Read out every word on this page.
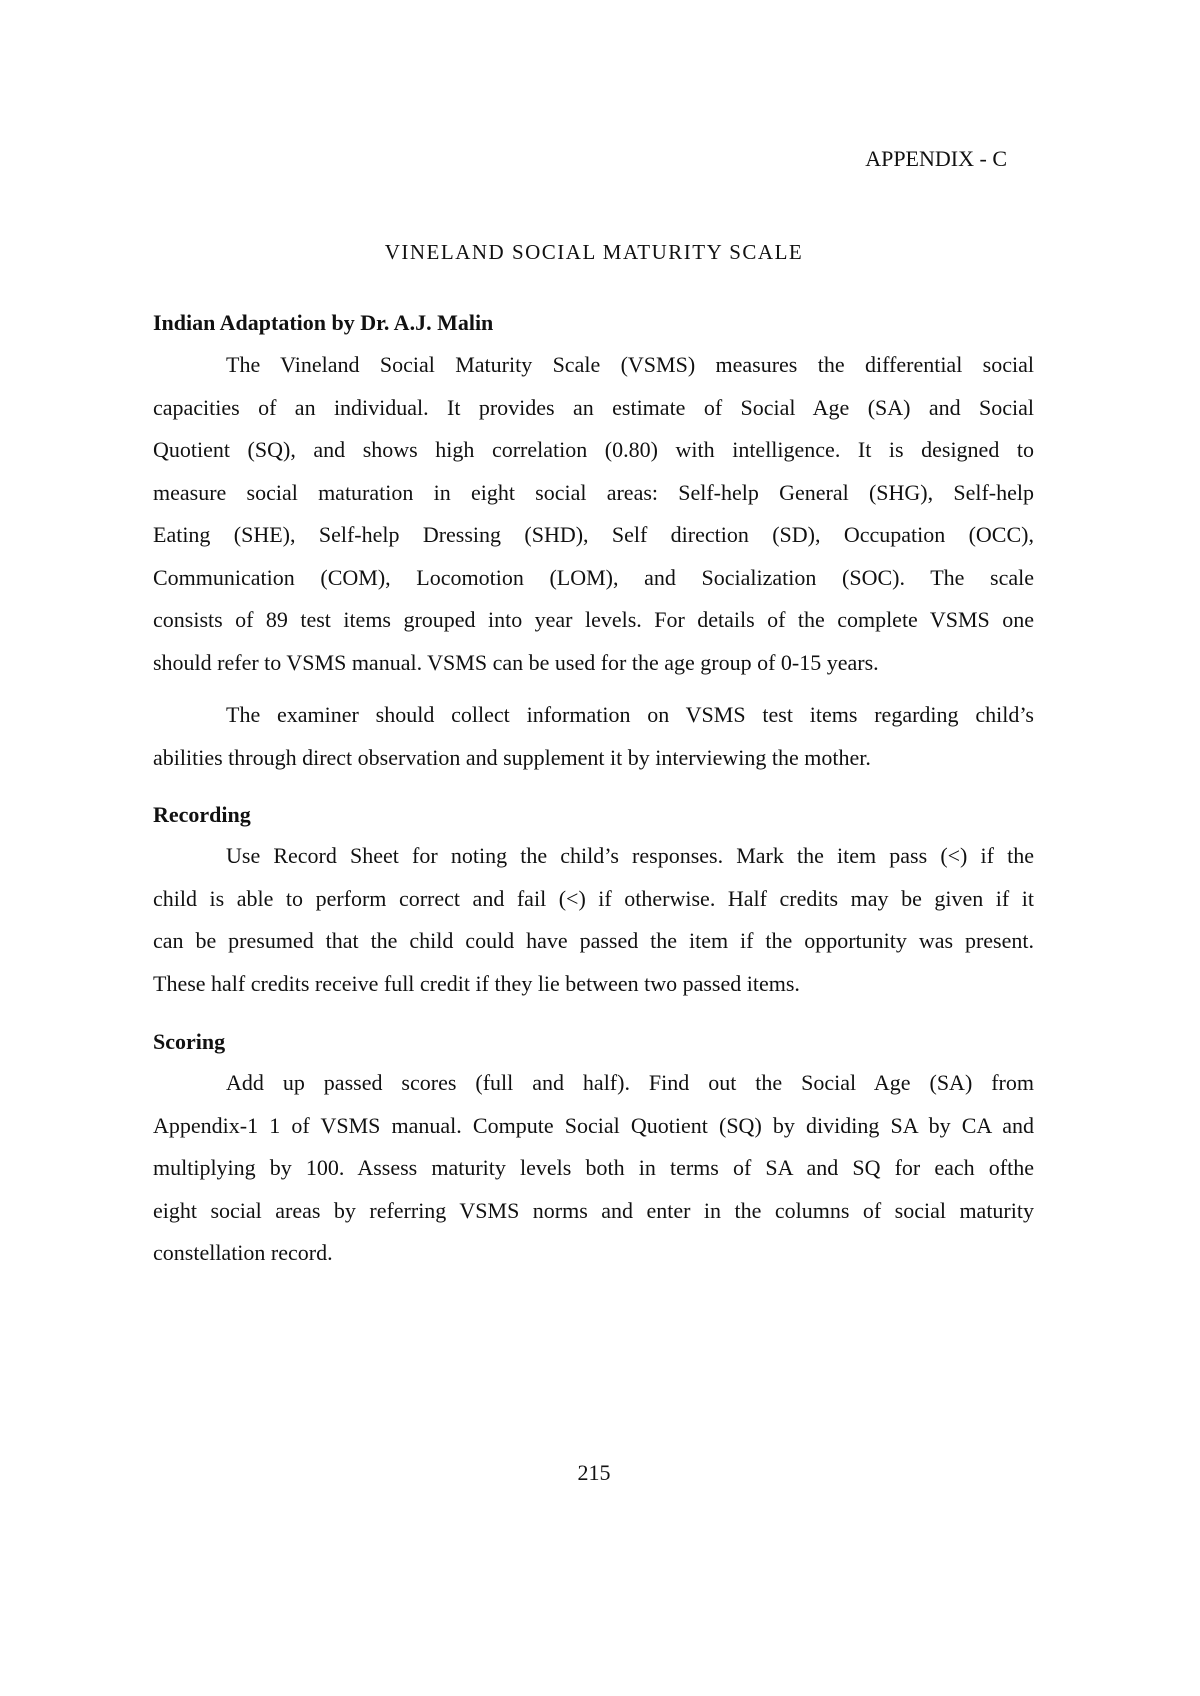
APPENDIX - C
VINELAND SOCIAL MATURITY SCALE
Indian Adaptation by Dr. A.J. Malin
The Vineland Social Maturity Scale (VSMS) measures the differential social
capacities of an individual. It provides an estimate of Social Age (SA) and Social
Quotient (SQ), and shows high correlation (0.80) with intelligence. It is designed to
measure social maturation in eight social areas: Self-help General (SHG), Self-help
Eating (SHE), Self-help Dressing (SHD), Self direction (SD), Occupation (OCC),
Communication (COM), Locomotion (LOM), and Socialization (SOC). The scale
consists of 89 test items grouped into year levels. For details of the complete VSMS one
should refer to VSMS manual. VSMS can be used for the age group of 0-15 years.
The examiner should collect information on VSMS test items regarding child’s
abilities through direct observation and supplement it by interviewing the mother.
Recording
Use Record Sheet for noting the child’s responses. Mark the item pass (<) if the
child is able to perform correct and fail (<) if otherwise. Half credits may be given if it
can be presumed that the child could have passed the item if the opportunity was present.
These half credits receive full credit if they lie between two passed items.
Scoring
Add up passed scores (full and half). Find out the Social Age (SA) from
Appendix-1 1 of VSMS manual. Compute Social Quotient (SQ) by dividing SA by CA and
multiplying by 100. Assess maturity levels both in terms of SA and SQ for each ofthe
eight social areas by referring VSMS norms and enter in the columns of social maturity
constellation record.
215
